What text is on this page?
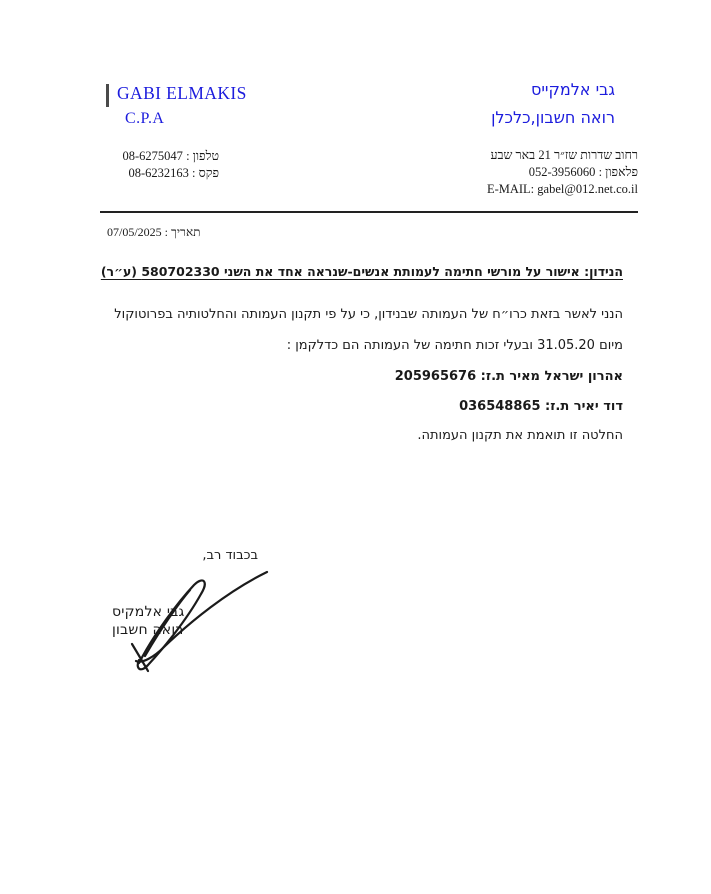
GABI ELMAKIS
C.P.A
גבי אלמקייס
רואה חשבון,כלכלן
טלפון : 08-6275047
פקס : 08-6232163
רחוב שדרות שז״ר 21 באר שבע
פלאפון : 052-3956060
E-MAIL: gabel@012.net.co.il
תאריך : 07/05/2025
הנידון: אישור על מורשי חתימה לעמותת אנשים-שנראה אחד את השני 580702330 (ע״ר)
הנני לאשר בזאת כרו״ח של העמותה שבנידון, כי על פי תקנון העמותה והחלטותיה בפרוטוקול
מיום 31.05.20 ובעלי זכות חתימה של העמותה הם כדלקמן :
אהרון ישראל מאיר ת.ז: 205965676
דוד יאיר ת.ז: 036548865
החלטה זו תואמת את תקנון העמותה.
בכבוד רב,
גבי אלמקיס
רואה חשבון
